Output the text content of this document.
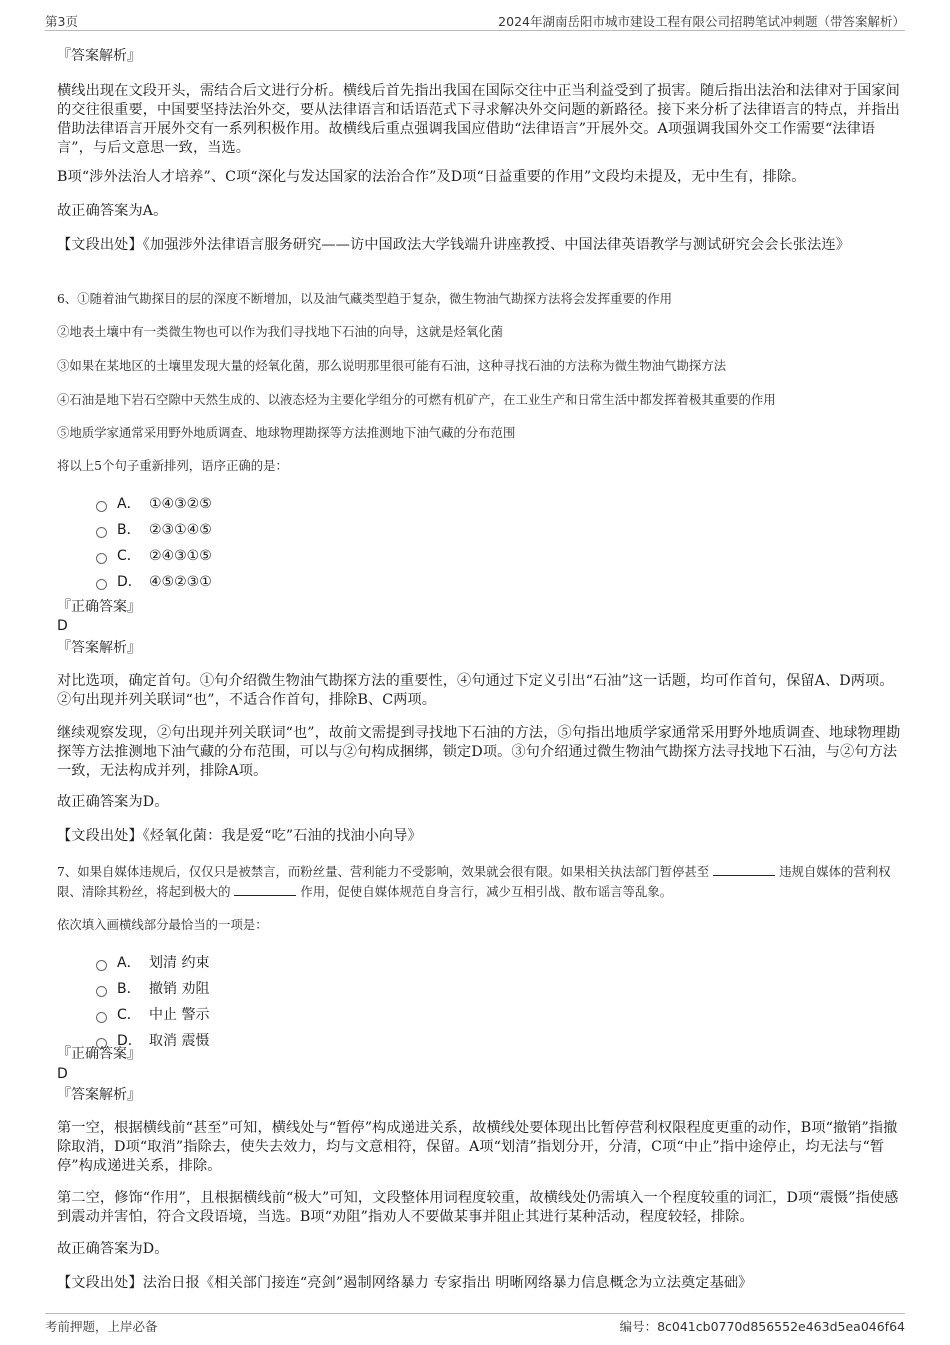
第3页	2024年湖南岳阳市城市建设工程有限公司招聘笔试冲刺题（带答案解析）

『答案解析』

横线出现在文段开头，需结合后文进行分析。横线后首先指出我国在国际交往中正当利益受到了损害。随后指出法治和法律对于国家间的交往很重要，中国要坚持法治外交，要从法律语言和话语范式下寻求解决外交问题的新路径。接下来分析了法律语言的特点，并指出借助法律语言开展外交有一系列积极作用。故横线后重点强调我国应借助“法律语言”开展外交。A项强调我国外交工作需要“法律语言”，与后文意思一致，当选。

B项“涉外法治人才培养”、C项“深化与发达国家的法治合作”及D项“日益重要的作用”文段均未提及，无中生有，排除。

故正确答案为A。

【文段出处】《加强涉外法律语言服务研究——访中国政法大学钱端升讲座教授、中国法律英语教学与测试研究会会长张法连》

6、①随着油气勘探目的层的深度不断增加，以及油气藏类型趋于复杂，微生物油气勘探方法将会发挥重要的作用

②地表土壤中有一类微生物也可以作为我们寻找地下石油的向导，这就是烃氧化菌

③如果在某地区的土壤里发现大量的烃氧化菌，那么说明那里很可能有石油，这种寻找石油的方法称为微生物油气勘探方法

④石油是地下岩石空隙中天然生成的、以液态烃为主要化学组分的可燃有机矿产，在工业生产和日常生活中都发挥着极其重要的作用

⑤地质学家通常采用野外地质调查、地球物理勘探等方法推测地下油气藏的分布范围

将以上5个句子重新排列，语序正确的是：

A． ①④③②⑤
B． ②③①④⑤
C． ②④③①⑤
D． ④⑤②③①

『正确答案』

D

『答案解析』

对比选项，确定首句。①句介绍微生物油气勘探方法的重要性，④句通过下定义引出“石油”这一话题，均可作首句，保留A、D两项。②句出现并列关联词“也”，不适合作首句，排除B、C两项。

继续观察发现，②句出现并列关联词“也”，故前文需提到寻找地下石油的方法，⑤句指出地质学家通常采用野外地质调查、地球物理勘探等方法推测地下油气藏的分布范围，可以与②句构成捆绑，锁定D项。③句介绍通过微生物油气勘探方法寻找地下石油，与②句方法一致，无法构成并列，排除A项。

故正确答案为D。

【文段出处】《烃氧化菌：我是爱“吃”石油的找油小向导》

7、如果自媒体违规后，仅仅只是被禁言，而粉丝量、营利能力不受影响，效果就会很有限。如果相关执法部门暂停甚至	违规自媒体的营利权限、清除其粉丝，将起到极大的	作用，促使自媒体规范自身言行，减少互相引战、散布谣言等乱象。

依次填入画横线部分最恰当的一项是：

A． 划清 约束
B． 撤销 劝阻
C． 中止 警示
D． 取消 震慑

『正确答案』

D

『答案解析』

第一空，根据横线前“甚至”可知，横线处与“暂停”构成递进关系，故横线处要体现出比暂停营利权限程度更重的动作，B项“撤销”指撤除取消，D项“取消”指除去，使失去效力，均与文意相符，保留。A项“划清”指划分开，分清，C项“中止”指中途停止，均无法与“暂停”构成递进关系，排除。

第二空，修饰“作用”，且根据横线前“极大”可知，文段整体用词程度较重，故横线处仍需填入一个程度较重的词汇，D项“震慑”指使感到震动并害怕，符合文段语境，当选。B项“劝阻”指劝人不要做某事并阻止其进行某种活动，程度较轻，排除。

故正确答案为D。

【文段出处】法治日报《相关部门接连“亮剑”遏制网络暴力 专家指出 明晰网络暴力信息概念为立法奠定基础》

考前押题，上岸必备	编号：8c041cb0770d856552e463d5ea046f64
